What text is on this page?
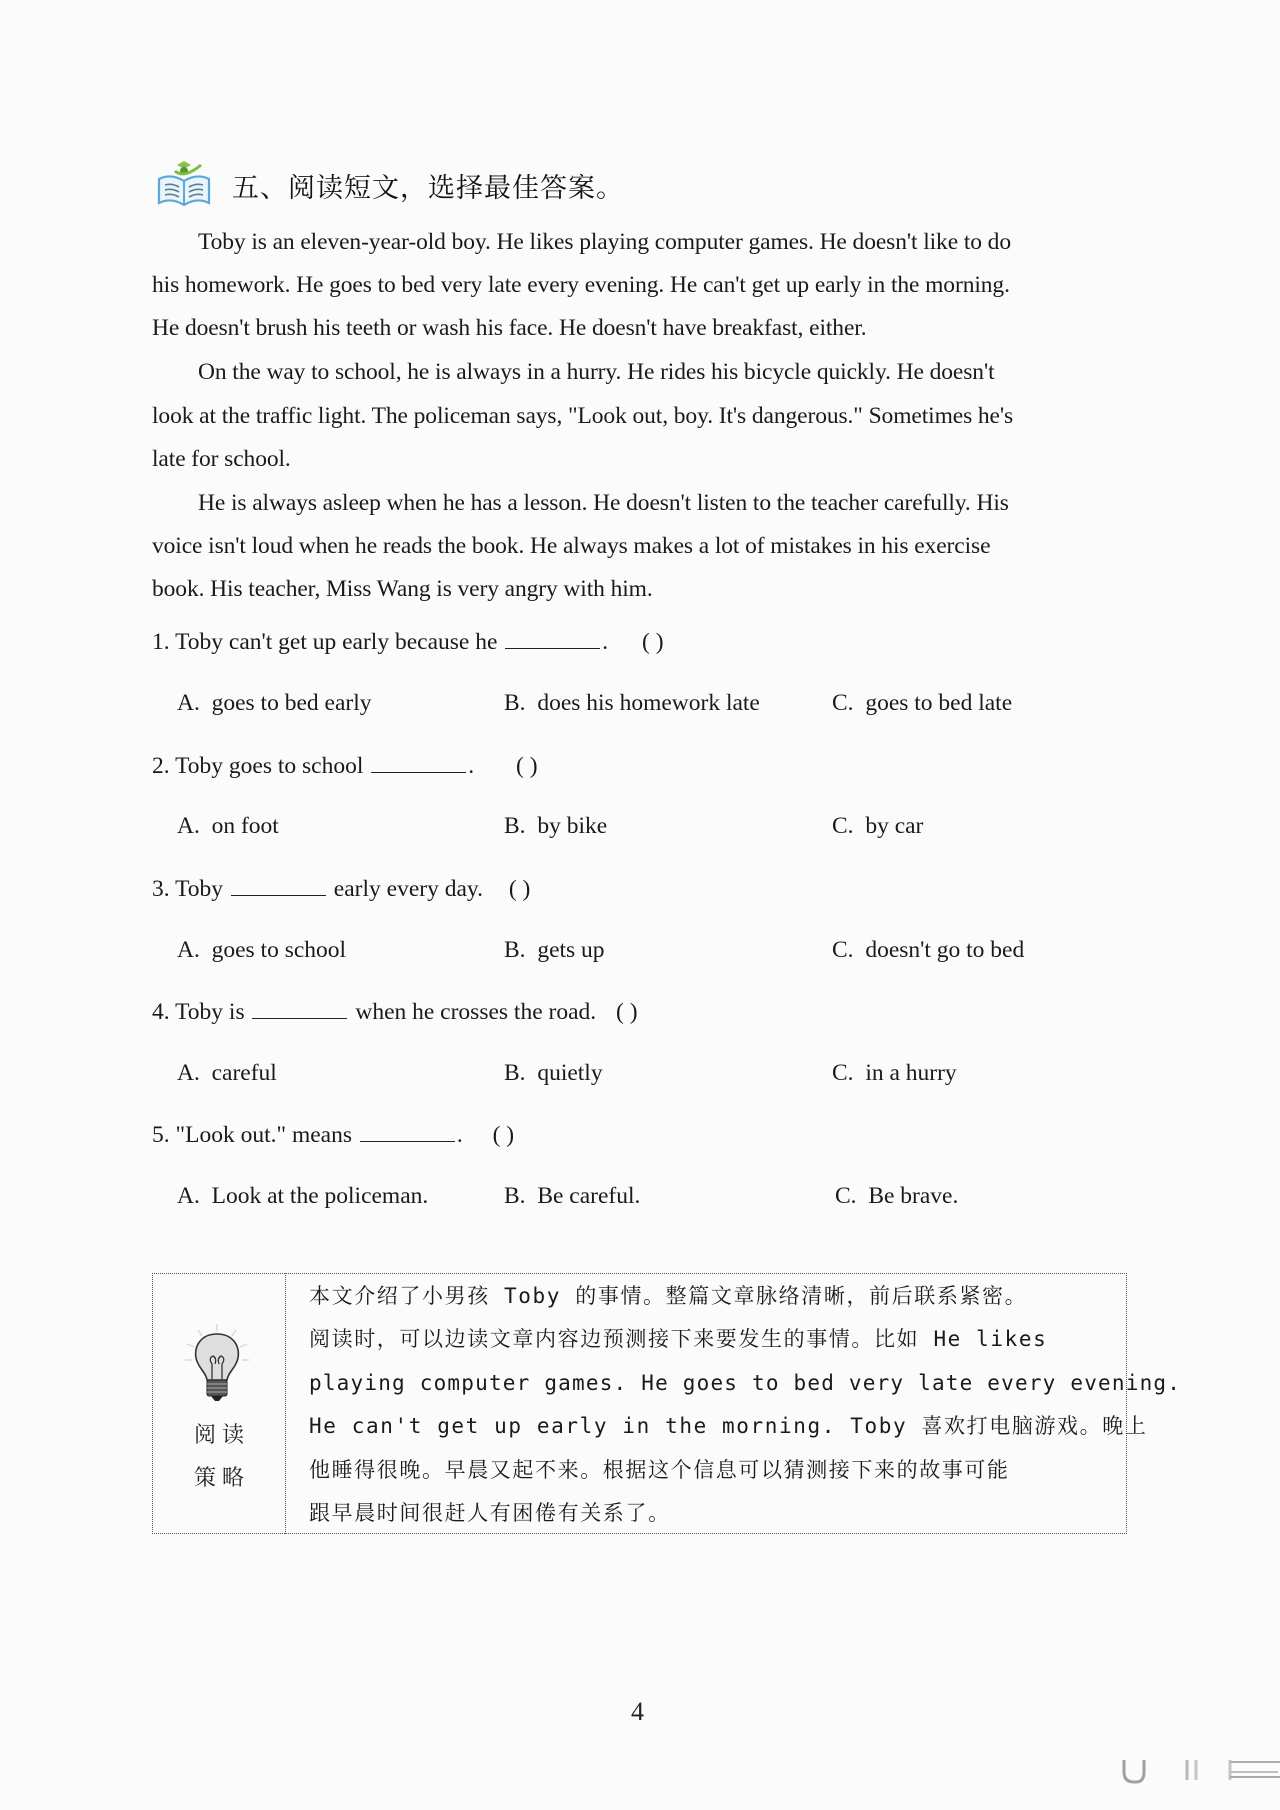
五、阅读短文，选择最佳答案。
Toby is an eleven-year-old boy. He likes playing computer games. He doesn't like to do
his homework. He goes to bed very late every evening. He can't get up early in the morning.
He doesn't brush his teeth or wash his face. He doesn't have breakfast, either.
On the way to school, he is always in a hurry. He rides his bicycle quickly. He doesn't
look at the traffic light. The policeman says, "Look out, boy. It's dangerous." Sometimes he's
late for school.
He is always asleep when he has a lesson. He doesn't listen to the teacher carefully. His
voice isn't loud when he reads the book. He always makes a lot of mistakes in his exercise
book. His teacher, Miss Wang is very angry with him.
1. Toby can't get up early because he	. ( )
A. goes to bed early	B. does his homework late	C. goes to bed late
2. Toby goes to school	. ( )
A. on foot	B. by bike	C. by car
3. Toby	early every day. ( )
A. goes to school	B. gets up	C. doesn't go to bed
4. Toby is	when he crosses the road. ( )
A. careful	B. quietly	C. in a hurry
5. "Look out." means	. ( )
A. Look at the policeman.	B. Be careful.	C. Be brave.
阅读
策略
本文介绍了小男孩 Toby 的事情。整篇文章脉络清晰，前后联系紧密。
阅读时，可以边读文章内容边预测接下来要发生的事情。比如 He likes
playing computer games. He goes to bed very late every evening.
He can't get up early in the morning. Toby 喜欢打电脑游戏。晚上
他睡得很晚。早晨又起不来。根据这个信息可以猜测接下来的故事可能
跟早晨时间很赶人有困倦有关系了。
4
